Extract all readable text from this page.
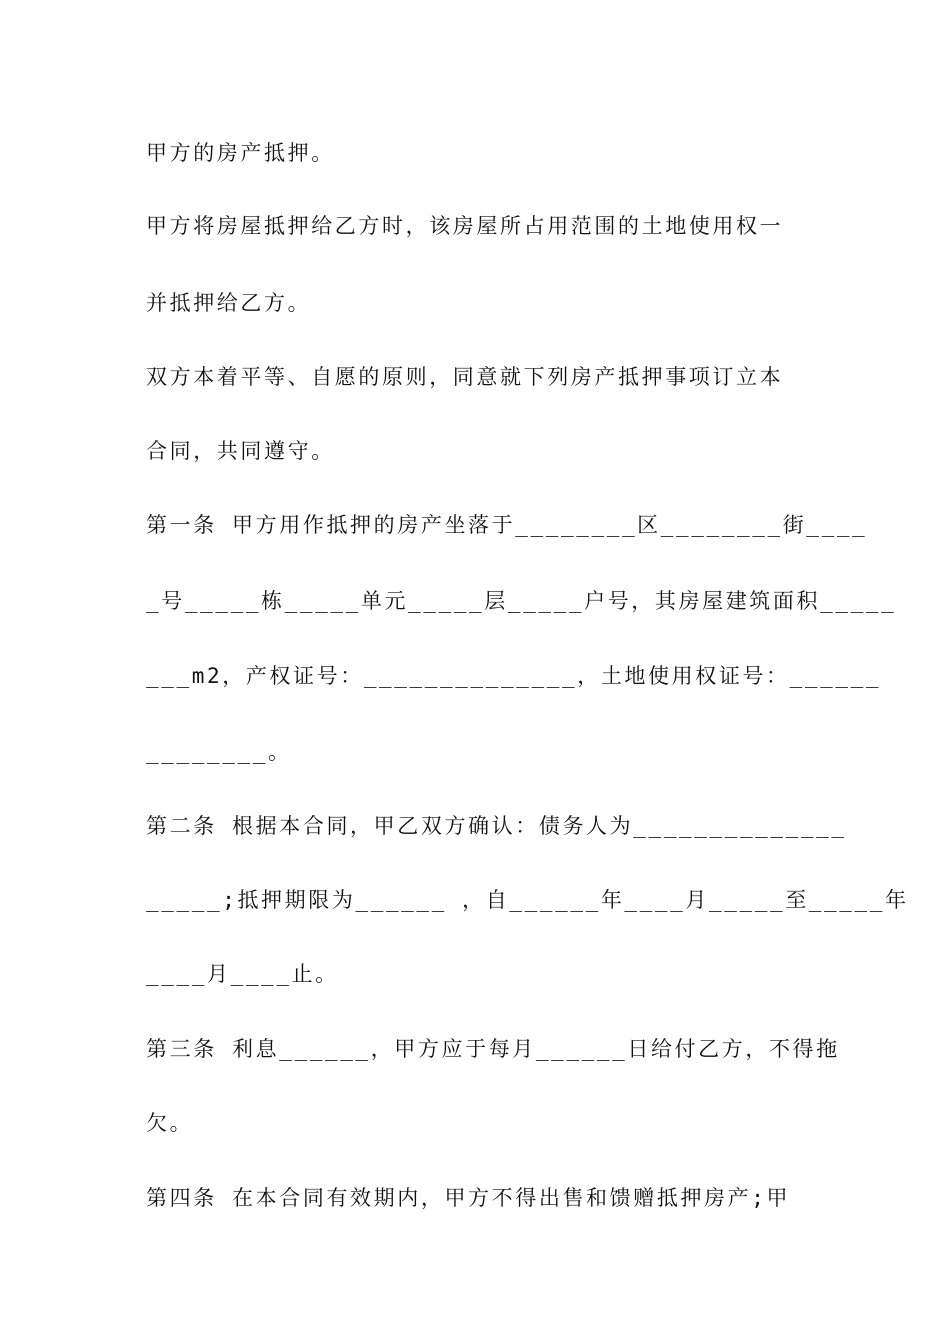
甲方的房产抵押。

甲方将房屋抵押给乙方时，该房屋所占用范围的土地使用权一

并抵押给乙方。

双方本着平等、自愿的原则，同意就下列房产抵押事项订立本

合同，共同遵守。

第一条 甲方用作抵押的房产坐落于________区________街____

_号_____栋_____单元_____层_____户号，其房屋建筑面积_____

___m2，产权证号：______________，土地使用权证号：______

________。

第二条 根据本合同，甲乙双方确认：债务人为______________

_____;抵押期限为______ ，自______年____月_____至_____年

____月____止。

第三条 利息______，甲方应于每月______日给付乙方，不得拖

欠。

第四条 在本合同有效期内，甲方不得出售和馈赠抵押房产;甲
